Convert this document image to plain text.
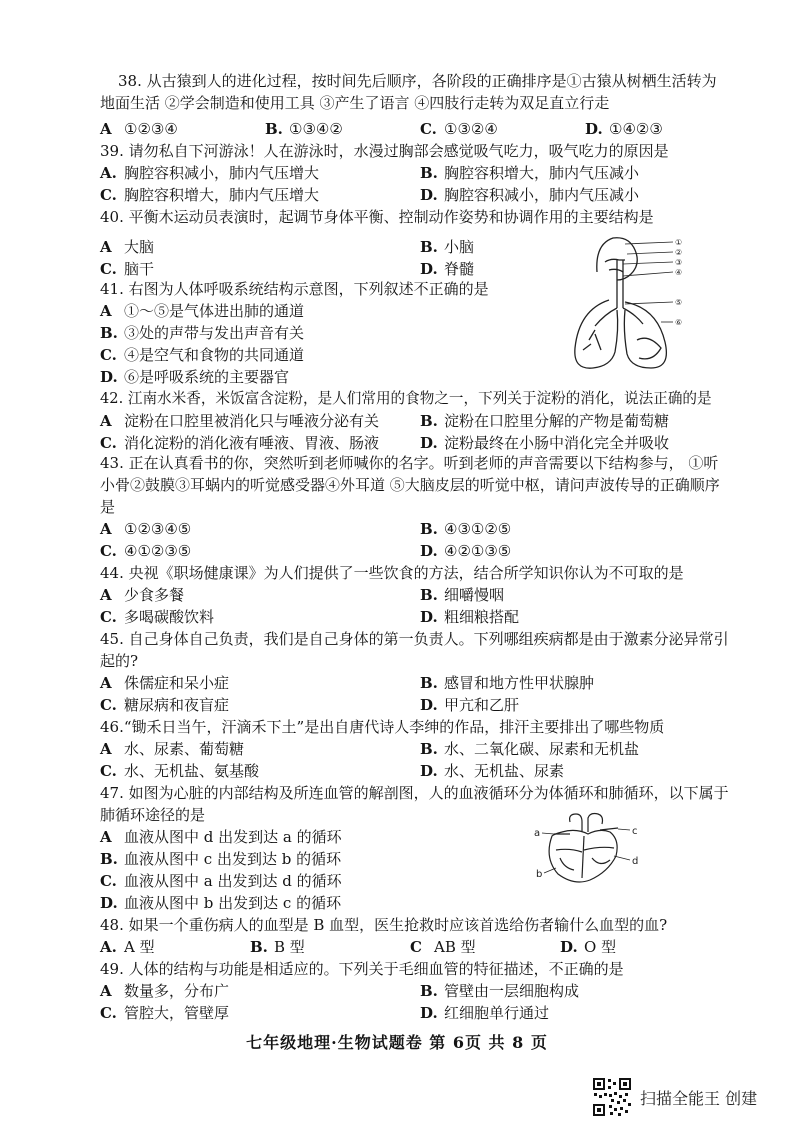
38. 从古猿到人的进化过程，按时间先后顺序，各阶段的正确排序是①古猿从树栖生活转为地面生活 ②学会制造和使用工具 ③产生了语言 ④四肢行走转为双足直立行走
A ①②③④	B. ①③④②	C. ①③②④	D. ①④②③
39. 请勿私自下河游泳！人在游泳时，水漫过胸部会感觉吸气吃力，吸气吃力的原因是
A. 胸腔容积减小，肺内气压增大	B. 胸腔容积增大，肺内气压减小
C. 胸腔容积增大，肺内气压增大	D. 胸腔容积减小，肺内气压减小
40. 平衡木运动员表演时，起调节身体平衡、控制动作姿势和协调作用的主要结构是
A 大脑	B. 小脑
C. 脑干	D. 脊髓
①
②
③
④
⑤
⑥
41. 右图为人体呼吸系统结构示意图，下列叙述不正确的是
A ①～⑤是气体进出肺的通道
B. ③处的声带与发出声音有关
C. ④是空气和食物的共同通道
D. ⑥是呼吸系统的主要器官
42. 江南水米香，米饭富含淀粉，是人们常用的食物之一，下列关于淀粉的消化，说法正确的是
A 淀粉在口腔里被消化只与唾液分泌有关	B. 淀粉在口腔里分解的产物是葡萄糖
C. 消化淀粉的消化液有唾液、胃液、肠液	D. 淀粉最终在小肠中消化完全并吸收
43. 正在认真看书的你，突然听到老师喊你的名字。听到老师的声音需要以下结构参与， ①听小骨②鼓膜③耳蜗内的听觉感受器④外耳道 ⑤大脑皮层的听觉中枢，请问声波传导的正确顺序是
A ①②③④⑤	B. ④③①②⑤
C. ④①②③⑤	D. ④②①③⑤
44. 央视《职场健康课》为人们提供了一些饮食的方法，结合所学知识你认为不可取的是
A 少食多餐	B. 细嚼慢咽
C. 多喝碳酸饮料	D. 粗细粮搭配
45. 自己身体自己负责，我们是自己身体的第一负责人。下列哪组疾病都是由于激素分泌异常引起的?
A 侏儒症和呆小症	B. 感冒和地方性甲状腺肿
C. 糖尿病和夜盲症	D. 甲亢和乙肝
46.“锄禾日当午，汗滴禾下土”是出自唐代诗人李绅的作品，排汗主要排出了哪些物质
A 水、尿素、葡萄糖	B. 水、二氧化碳、尿素和无机盐
C. 水、无机盐、氨基酸	D. 水、无机盐、尿素
47. 如图为心脏的内部结构及所连血管的解剖图，人的血液循环分为体循环和肺循环，以下属于肺循环途径的是
A 血液从图中 d 出发到达 a 的循环
B. 血液从图中 c 出发到达 b 的循环
C. 血液从图中 a 出发到达 d 的循环
D. 血液从图中 b 出发到达 c 的循环
a
b
c
d
48. 如果一个重伤病人的血型是 B 血型，医生抢救时应该首选给伤者输什么血型的血?
A. A 型	B. B 型	C AB 型	D. O 型
49. 人体的结构与功能是相适应的。下列关于毛细血管的特征描述，不正确的是
A 数量多，分布广	B. 管壁由一层细胞构成
C. 管腔大，管壁厚	D. 红细胞单行通过
七年级地理·生物试题卷 第 6页 共 8 页
扫描全能王 创建
